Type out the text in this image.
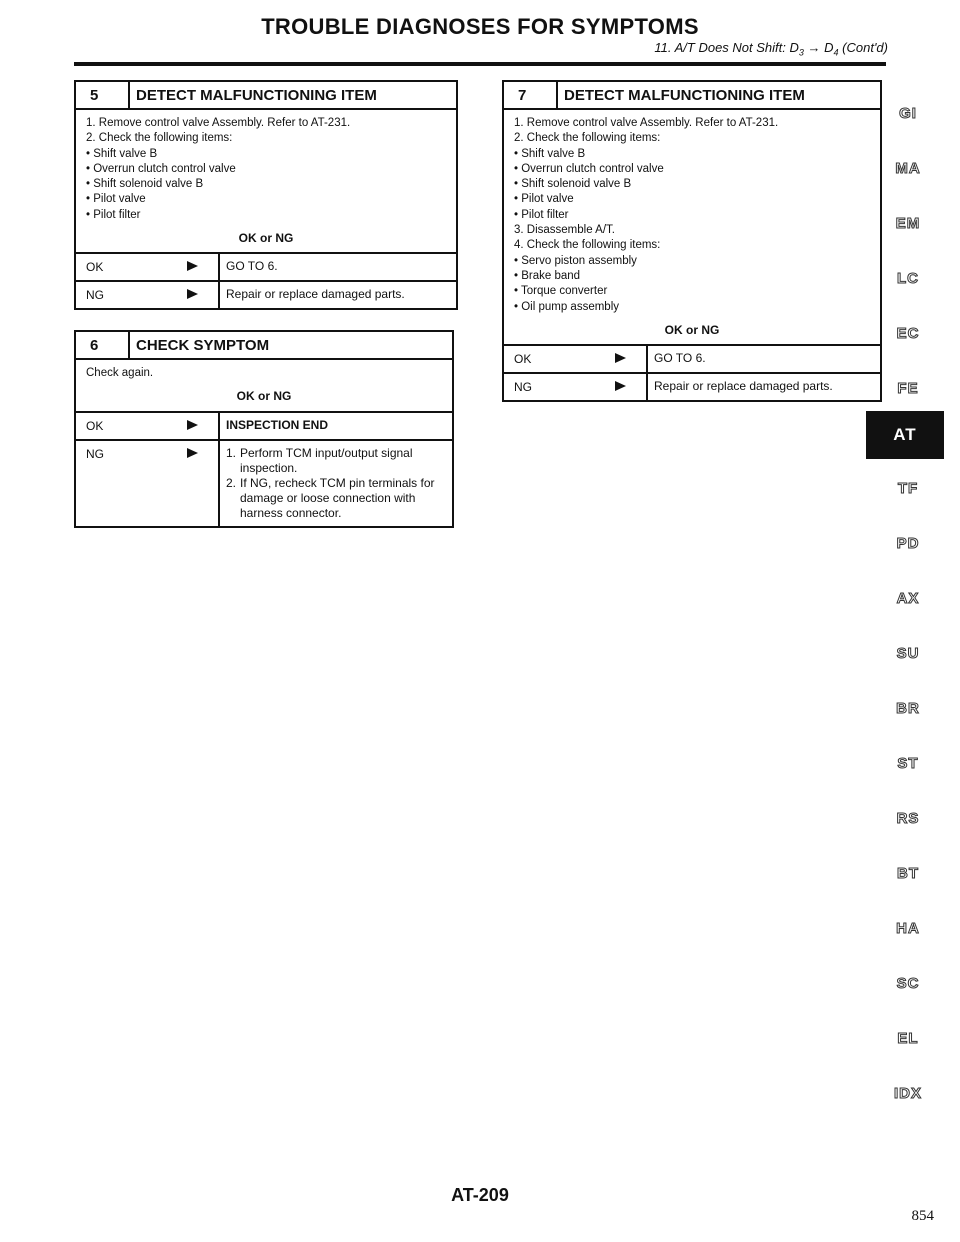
TROUBLE DIAGNOSES FOR SYMPTOMS
11. A/T Does Not Shift: $D_3 \to D_4$ (Cont'd)
5	DETECT MALFUNCTIONING ITEM
1. Remove control valve Assembly. Refer to AT-231.
2. Check the following items:
• Shift valve B
• Overrun clutch control valve
• Shift solenoid valve B
• Pilot valve
• Pilot filter
OK or NG
OK	GO TO 6.
NG	Repair or replace damaged parts.
6	CHECK SYMPTOM
Check again.
OK or NG
OK	INSPECTION END
NG	1. Perform TCM input/output signal inspection.
2. If NG, recheck TCM pin terminals for damage or loose connection with harness connector.
7	DETECT MALFUNCTIONING ITEM
1. Remove control valve Assembly. Refer to AT-231.
2. Check the following items:
• Shift valve B
• Overrun clutch control valve
• Shift solenoid valve B
• Pilot valve
• Pilot filter
3. Disassemble A/T.
4. Check the following items:
• Servo piston assembly
• Brake band
• Torque converter
• Oil pump assembly
OK or NG
OK	GO TO 6.
NG	Repair or replace damaged parts.
GI
MA
EM
LC
EC
FE
AT
TF
PD
AX
SU
BR
ST
RS
BT
HA
SC
EL
IDX
AT-209
854
